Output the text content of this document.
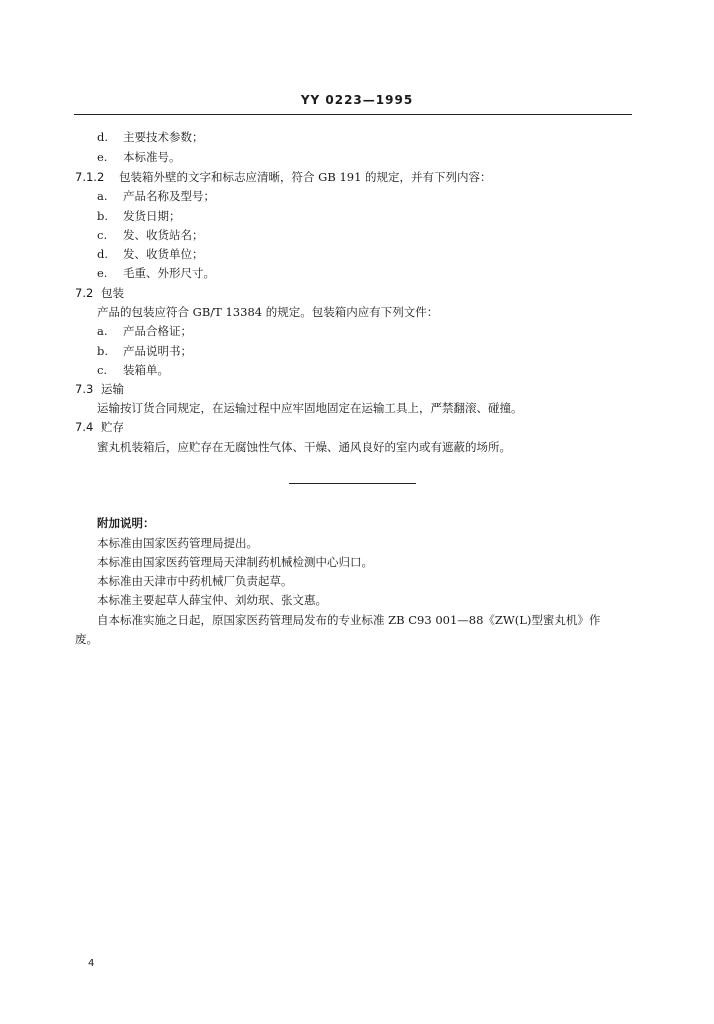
YY 0223—1995
d. 主要技术参数；
e. 本标准号。
7.1.2 包装箱外壁的文字和标志应清晰，符合 GB 191 的规定，并有下列内容：
a. 产品名称及型号；
b. 发货日期；
c. 发、收货站名；
d. 发、收货单位；
e. 毛重、外形尺寸。
7.2 包装
产品的包装应符合 GB/T 13384 的规定。包装箱内应有下列文件：
a. 产品合格证；
b. 产品说明书；
c. 装箱单。
7.3 运输
运输按订货合同规定，在运输过程中应牢固地固定在运输工具上，严禁翻滚、碰撞。
7.4 贮存
蜜丸机装箱后，应贮存在无腐蚀性气体、干燥、通风良好的室内或有遮蔽的场所。
附加说明：
本标准由国家医药管理局提出。
本标准由国家医药管理局天津制药机械检测中心归口。
本标准由天津市中药机械厂负责起草。
本标准主要起草人薛宝仲、刘幼珉、张文惠。
自本标准实施之日起，原国家医药管理局发布的专业标准 ZB C93 001—88《ZW(L)型蜜丸机》作
废。
4
